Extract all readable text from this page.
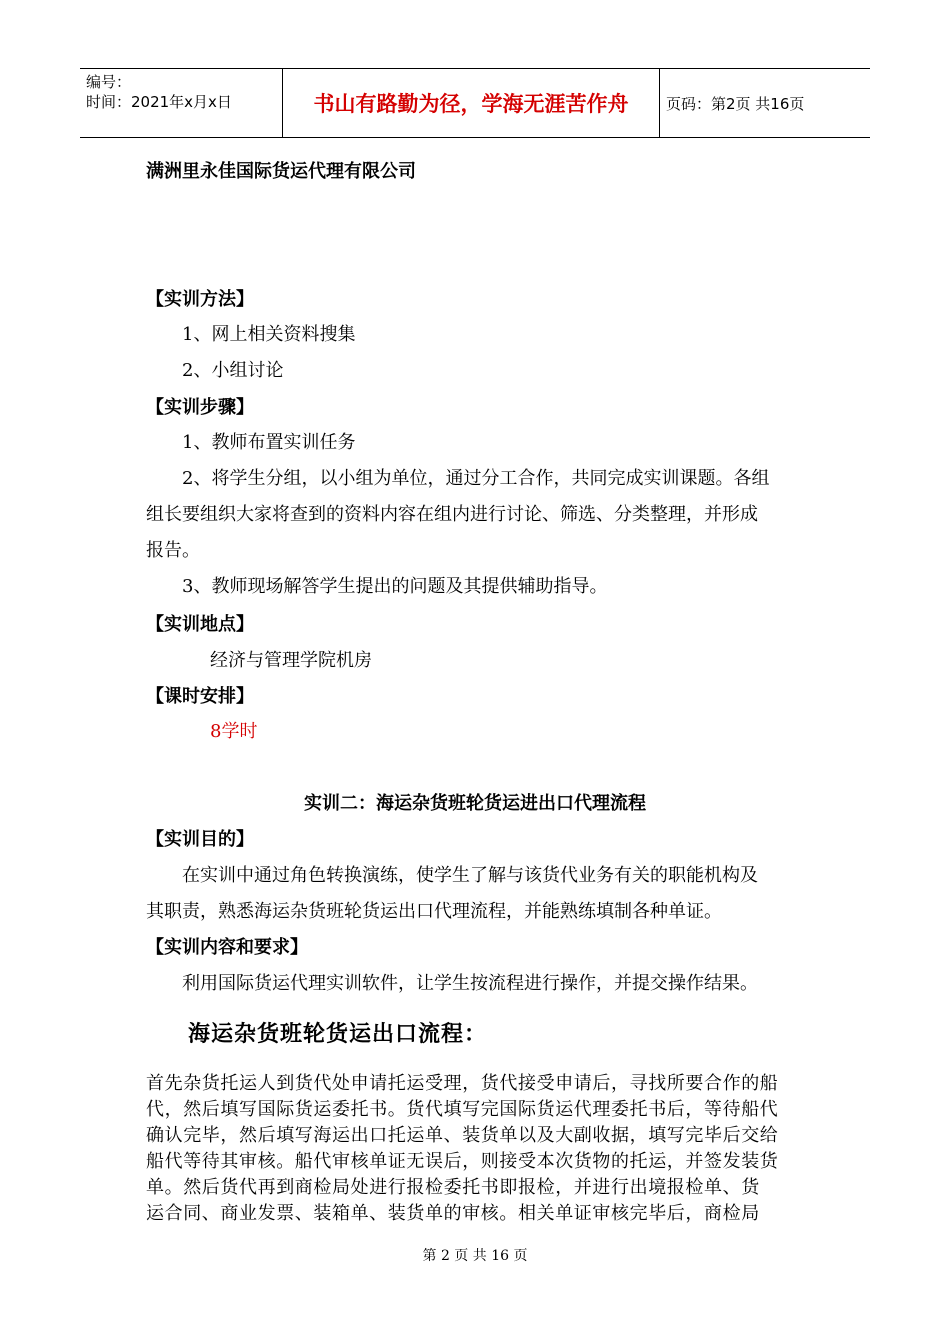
编号：
时间：2021年x月x日	书山有路勤为径，学海无涯苦作舟	页码：第2页 共16页
满洲里永佳国际货运代理有限公司
【实训方法】
1、网上相关资料搜集
2、小组讨论
【实训步骤】
1、教师布置实训任务
2、将学生分组，以小组为单位，通过分工合作，共同完成实训课题。各组
组长要组织大家将查到的资料内容在组内进行讨论、筛选、分类整理，并形成
报告。
3、教师现场解答学生提出的问题及其提供辅助指导。
【实训地点】
经济与管理学院机房
【课时安排】
8学时
实训二：海运杂货班轮货运进出口代理流程
【实训目的】
在实训中通过角色转换演练，使学生了解与该货代业务有关的职能机构及
其职责，熟悉海运杂货班轮货运出口代理流程，并能熟练填制各种单证。
【实训内容和要求】
利用国际货运代理实训软件，让学生按流程进行操作，并提交操作结果。
海运杂货班轮货运出口流程：
首先杂货托运人到货代处申请托运受理，货代接受申请后，寻找所要合作的船
代，然后填写国际货运委托书。货代填写完国际货运代理委托书后，等待船代
确认完毕，然后填写海运出口托运单、装货单以及大副收据，填写完毕后交给
船代等待其审核。船代审核单证无误后，则接受本次货物的托运，并签发装货
单。然后货代再到商检局处进行报检委托书即报检，并进行出境报检单、货
运合同、商业发票、装箱单、装货单的审核。相关单证审核完毕后，商检局
第 2 页 共 16 页
